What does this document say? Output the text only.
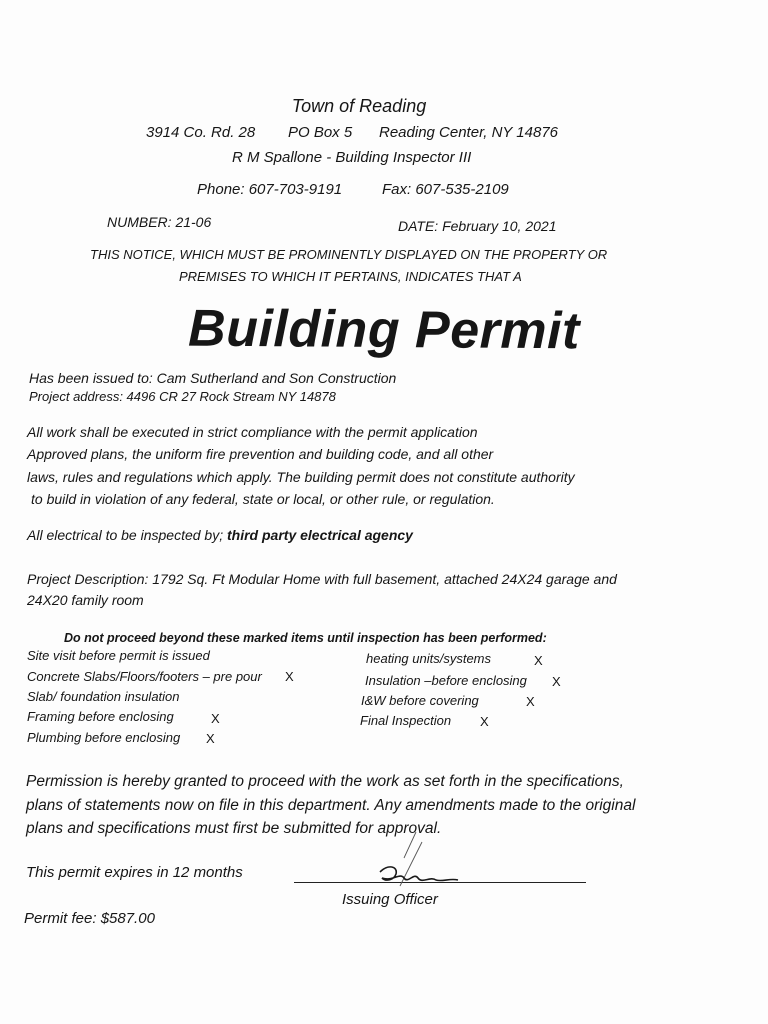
Town of Reading
3914 Co. Rd. 28 PO Box 5 Reading Center, NY 14876
R M Spallone - Building Inspector III
Phone: 607-703-9191	Fax: 607-535-2109
NUMBER: 21-06	DATE: February 10, 2021
THIS NOTICE, WHICH MUST BE PROMINENTLY DISPLAYED ON THE PROPERTY OR
PREMISES TO WHICH IT PERTAINS, INDICATES THAT A
Building Permit
Has been issued to: Cam Sutherland and Son Construction
Project address: 4496 CR 27 Rock Stream NY 14878
All work shall be executed in strict compliance with the permit application
Approved plans, the uniform fire prevention and building code, and all other
laws, rules and regulations which apply. The building permit does not constitute authority
to build in violation of any federal, state or local, or other rule, or regulation.
All electrical to be inspected by; third party electrical agency
Project Description: 1792 Sq. Ft Modular Home with full basement, attached 24X24 garage and
24X20 family room
Do not proceed beyond these marked items until inspection has been performed:
Site visit before permit is issued
Concrete Slabs/Floors/footers – pre pour X
Slab/ foundation insulation
Framing before enclosing	X
Plumbing before enclosing X
heating units/systems	X
Insulation –before enclosing X
I&W before covering	X
Final Inspection X
Permission is hereby granted to proceed with the work as set forth in the specifications,
plans of statements now on file in this department. Any amendments made to the original
plans and specifications must first be submitted for approval.
This permit expires in 12 months
Issuing Officer
Permit fee: $587.00
